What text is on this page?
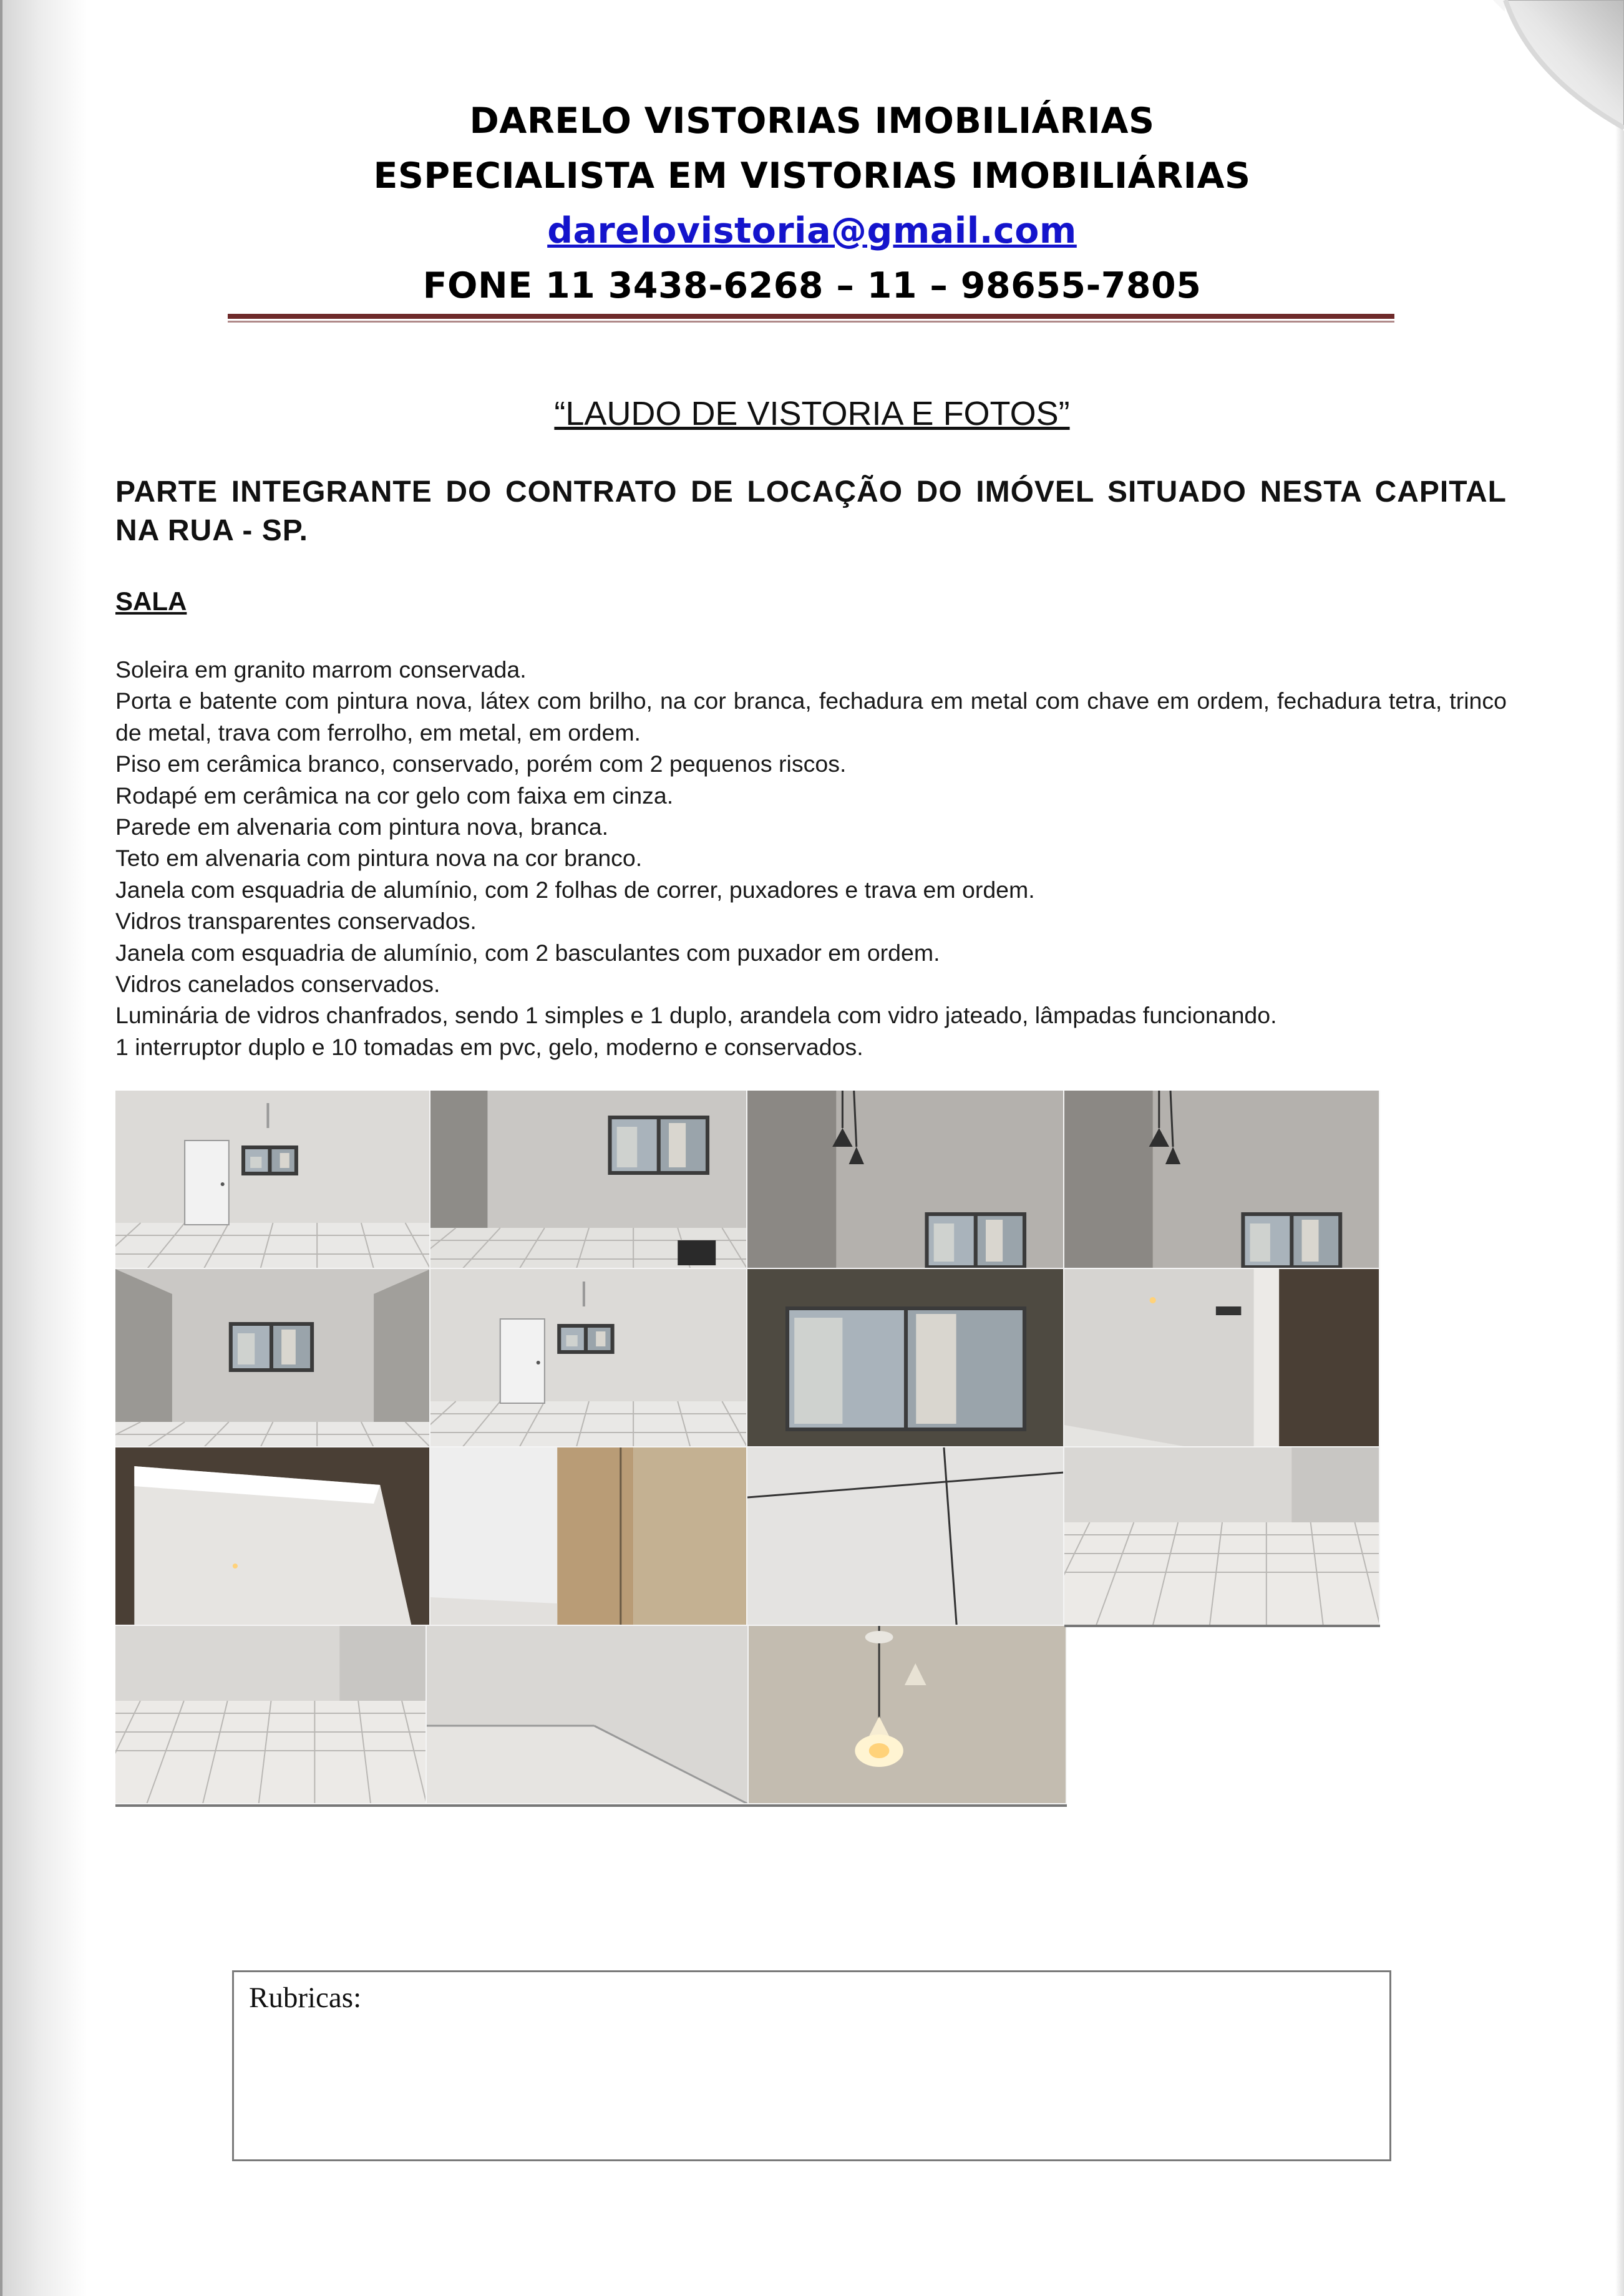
DARELO VISTORIAS IMOBILIÁRIAS
ESPECIALISTA EM VISTORIAS IMOBILIÁRIAS
darelovistoria@gmail.com
FONE 11 3438-6268 – 11 – 98655-7805
“LAUDO DE VISTORIA E FOTOS”
PARTE INTEGRANTE DO CONTRATO DE LOCAÇÃO DO IMÓVEL SITUADO NESTA CAPITAL NA RUA - SP.
SALA

Soleira em granito marrom conservada.

Porta e batente com pintura nova, látex com brilho, na cor branca, fechadura em metal com chave em ordem, fechadura tetra, trinco de metal, trava com ferrolho, em metal, em ordem.

Piso em cerâmica branco, conservado, porém com 2 pequenos riscos.

Rodapé em cerâmica na cor gelo com faixa em cinza.

Parede em alvenaria com pintura nova, branca.

Teto em alvenaria com pintura nova na cor branco.

Janela com esquadria de alumínio, com 2 folhas de correr, puxadores e trava em ordem.

Vidros transparentes conservados.

Janela com esquadria de alumínio, com 2 basculantes com puxador em ordem.

Vidros canelados conservados.

Luminária de vidros chanfrados, sendo 1 simples e 1 duplo, arandela com vidro jateado, lâmpadas funcionando.

1 interruptor duplo e 10 tomadas em pvc, gelo, moderno e conservados.

Rubricas:
